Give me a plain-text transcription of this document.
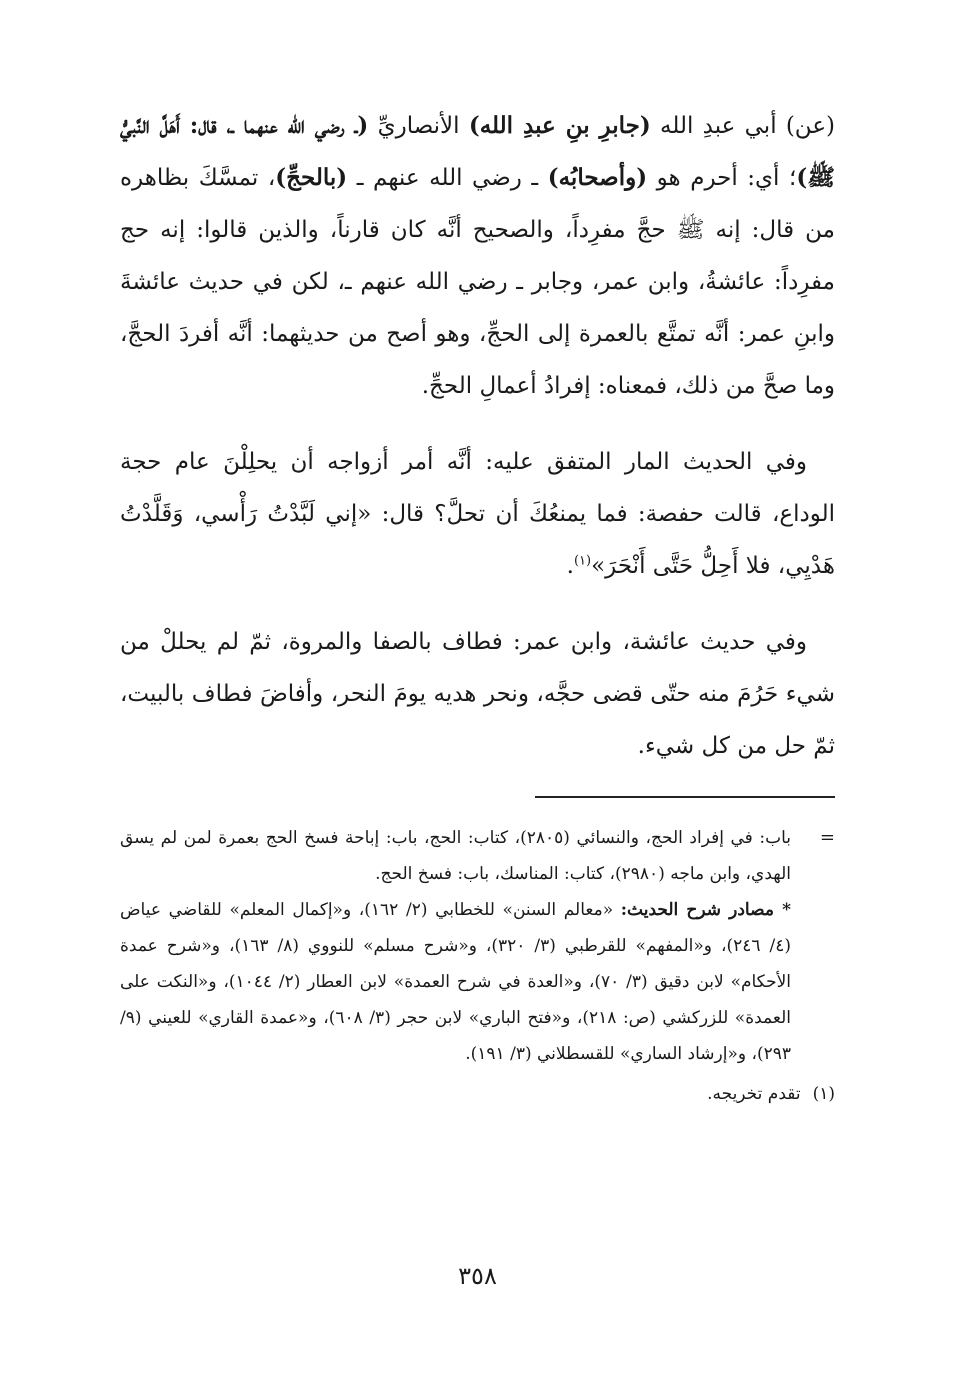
(عن) أبي عبدِ الله (جابرِ بنِ عبدِ الله) الأنصاريِّ (ـ رضي الله عنهما ـ، قال: أَهَلَّ النَّبيُّ ﷺ)؛ أي: أحرم هو (وأصحابُه) ـ رضي الله عنهم ـ (بالحجِّ)، تمسَّكَ بظاهره من قال: إنه ﷺ حجَّ مفرِداً، والصحيح أنَّه كان قارناً، والذين قالوا: إنه حج مفرِداً: عائشةُ، وابن عمر، وجابر ـ رضي الله عنهم ـ، لكن في حديث عائشةَ وابنِ عمر: أنَّه تمتَّع بالعمرة إلى الحجِّ، وهو أصح من حديثهما: أنَّه أفردَ الحجَّ، وما صحَّ من ذلك، فمعناه: إفرادُ أعمالِ الحجِّ.

وفي الحديث المار المتفق عليه: أنَّه أمر أزواجه أن يحلِلْنَ عام حجة الوداع، قالت حفصة: فما يمنعُكَ أن تحلَّ؟ قال: «إني لَبَّدْتُ رَأْسي، وَقَلَّدْتُ هَدْيِي، فلا أَحِلُّ حَتَّى أَنْحَرَ»$^{(١)}$.

وفي حديث عائشة، وابن عمر: فطاف بالصفا والمروة، ثمّ لم يحللْ من شيء حَرُمَ منه حتّى قضى حجَّه، ونحر هديه يومَ النحر، وأفاضَ فطاف بالبيت، ثمّ حل من كل شيء.

=

باب: في إفراد الحج، والنسائي (٢٨٠٥)، كتاب: الحج، باب: إباحة فسخ الحج بعمرة لمن لم يسق الهدي، وابن ماجه (٢٩٨٠)، كتاب: المناسك، باب: فسخ الحج.

* مصادر شرح الحديث: «معالم السنن» للخطابي (٢/ ١٦٢)، و«إكمال المعلم» للقاضي عياض (٤/ ٢٤٦)، و«المفهم» للقرطبي (٣/ ٣٢٠)، و«شرح مسلم» للنووي (٨/ ١٦٣)، و«شرح عمدة الأحكام» لابن دقيق (٣/ ٧٠)، و«العدة في شرح العمدة» لابن العطار (٢/ ١٠٤٤)، و«النكت على العمدة» للزركشي (ص: ٢١٨)، و«فتح الباري» لابن حجر (٣/ ٦٠٨)، و«عمدة القاري» للعيني (٩/ ٢٩٣)، و«إرشاد الساري» للقسطلاني (٣/ ١٩١).

(١)
تقدم تخريجه.
٣٥٨
